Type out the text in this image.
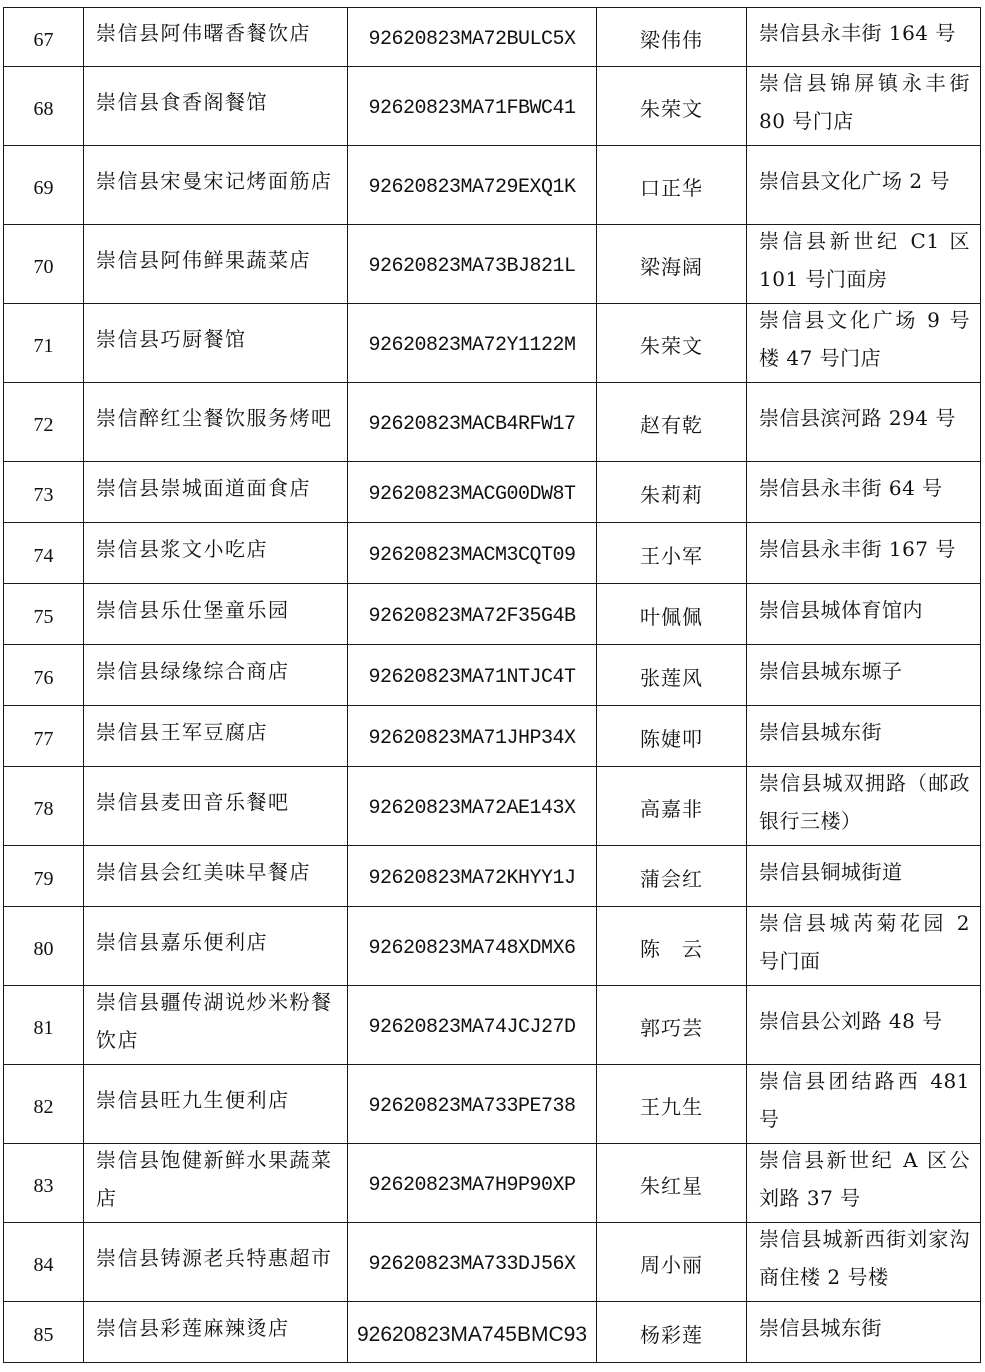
67	崇信县阿伟曙香餐饮店	92620823MA72BULC5X	梁伟伟	崇信县永丰街 164 号

68	崇信县食香阁餐馆	92620823MA71FBWC41	朱荣文	崇信县锦屏镇永丰街 80 号门店

69	崇信县宋曼宋记烤面筋店	92620823MA729EXQ1K	口正华	崇信县文化广场 2 号

70	崇信县阿伟鲜果蔬菜店	92620823MA73BJ821L	梁海阔	崇信县新世纪 C1 区 101 号门面房

71	崇信县巧厨餐馆	92620823MA72Y1122M	朱荣文	崇信县文化广场 9 号楼 47 号门店

72	崇信醉红尘餐饮服务烤吧	92620823MACB4RFW17	赵有乾	崇信县滨河路 294 号

73	崇信县崇城面道面食店	92620823MACG00DW8T	朱莉莉	崇信县永丰街 64 号

74	崇信县浆文小吃店	92620823MACM3CQT09	王小军	崇信县永丰街 167 号

75	崇信县乐仕堡童乐园	92620823MA72F35G4B	叶佩佩	崇信县城体育馆内

76	崇信县绿缘综合商店	92620823MA71NTJC4T	张莲风	崇信县城东塬子

77	崇信县王军豆腐店	92620823MA71JHP34X	陈婕叩	崇信县城东街

78	崇信县麦田音乐餐吧	92620823MA72AE143X	高嘉非	崇信县城双拥路（邮政银行三楼）

79	崇信县会红美味早餐店	92620823MA72KHYY1J	蒲会红	崇信县铜城街道

80	崇信县嘉乐便利店	92620823MA748XDMX6	陈　云	崇信县城芮菊花园 2 号门面

81	崇信县疆传湖说炒米粉餐饮店	92620823MA74JCJ27D	郭巧芸	崇信县公刘路 48 号

82	崇信县旺九生便利店	92620823MA733PE738	王九生	崇信县团结路西 481 号

83	崇信县饱健新鲜水果蔬菜店	92620823MA7H9P90XP	朱红星	崇信县新世纪 A 区公刘路 37 号

84	崇信县铸源老兵特惠超市	92620823MA733DJ56X	周小丽	崇信县城新西街刘家沟商住楼 2 号楼

85	崇信县彩莲麻辣烫店	92620823MA745BMC93	杨彩莲	崇信县城东街
